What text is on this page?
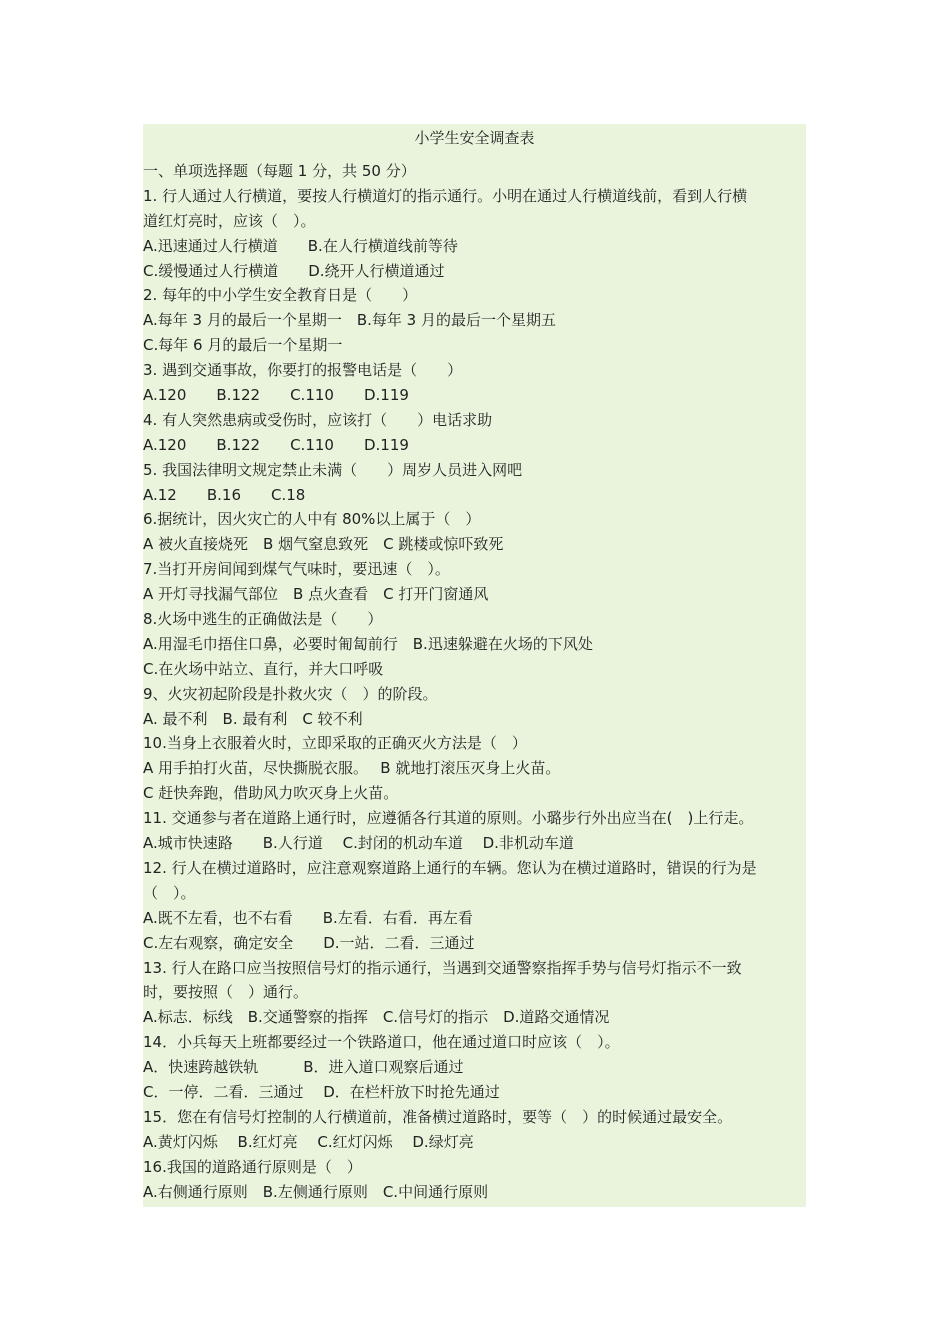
小学生安全调查表
一、单项选择题（每题 1 分，共 50 分）
1. 行人通过人行横道，要按人行横道灯的指示通行。小明在通过人行横道线前，看到人行横
道红灯亮时，应该（　）。
A.迅速通过人行横道　　B.在人行横道线前等待
C.缓慢通过人行横道　　D.绕开人行横道通过
2. 每年的中小学生安全教育日是（　　）
A.每年 3 月的最后一个星期一　B.每年 3 月的最后一个星期五
C.每年 6 月的最后一个星期一
3. 遇到交通事故，你要打的报警电话是（　　）
A.120　　B.122　　C.110　　D.119
4. 有人突然患病或受伤时，应该打（　　）电话求助
A.120　　B.122　　C.110　　D.119
5. 我国法律明文规定禁止未满（　　）周岁人员进入网吧
A.12　　B.16　　C.18
6.据统计，因火灾亡的人中有 80%以上属于（　）
A 被火直接烧死　B 烟气窒息致死　C 跳楼或惊吓致死
7.当打开房间闻到煤气气味时，要迅速（　）。
A 开灯寻找漏气部位　B 点火查看　C 打开门窗通风
8.火场中逃生的正确做法是（　　）
A.用湿毛巾捂住口鼻，必要时匍匐前行　B.迅速躲避在火场的下风处
C.在火场中站立、直行，并大口呼吸
9、火灾初起阶段是扑救火灾（　）的阶段。
A. 最不利　B. 最有利　C 较不利
10.当身上衣服着火时，立即采取的正确灭火方法是（　）
A 用手拍打火苗，尽快撕脱衣服。　 B 就地打滚压灭身上火苗。
C 赶快奔跑，借助风力吹灭身上火苗。
11. 交通参与者在道路上通行时，应遵循各行其道的原则。小璐步行外出应当在(　)上行走。
A.城市快速路　　B.人行道　 C.封闭的机动车道　 D.非机动车道
12. 行人在横过道路时，应注意观察道路上通行的车辆。您认为在横过道路时，错误的行为是
（　）。
A.既不左看，也不右看　　B.左看．右看．再左看
C.左右观察，确定安全　　D.一站．二看．三通过
13. 行人在路口应当按照信号灯的指示通行，当遇到交通警察指挥手势与信号灯指示不一致
时，要按照（　）通行。
A.标志．标线　B.交通警察的指挥　C.信号灯的指示　D.道路交通情况
14．小兵每天上班都要经过一个铁路道口，他在通过道口时应该（　）。
A．快速跨越铁轨　　　B．进入道口观察后通过
C．一停．二看．三通过　 D．在栏杆放下时抢先通过
15．您在有信号灯控制的人行横道前，准备横过道路时，要等（　）的时候通过最安全。
A.黄灯闪烁　 B.红灯亮　 C.红灯闪烁　 D.绿灯亮
16.我国的道路通行原则是（　）
A.右侧通行原则　B.左侧通行原则　C.中间通行原则
